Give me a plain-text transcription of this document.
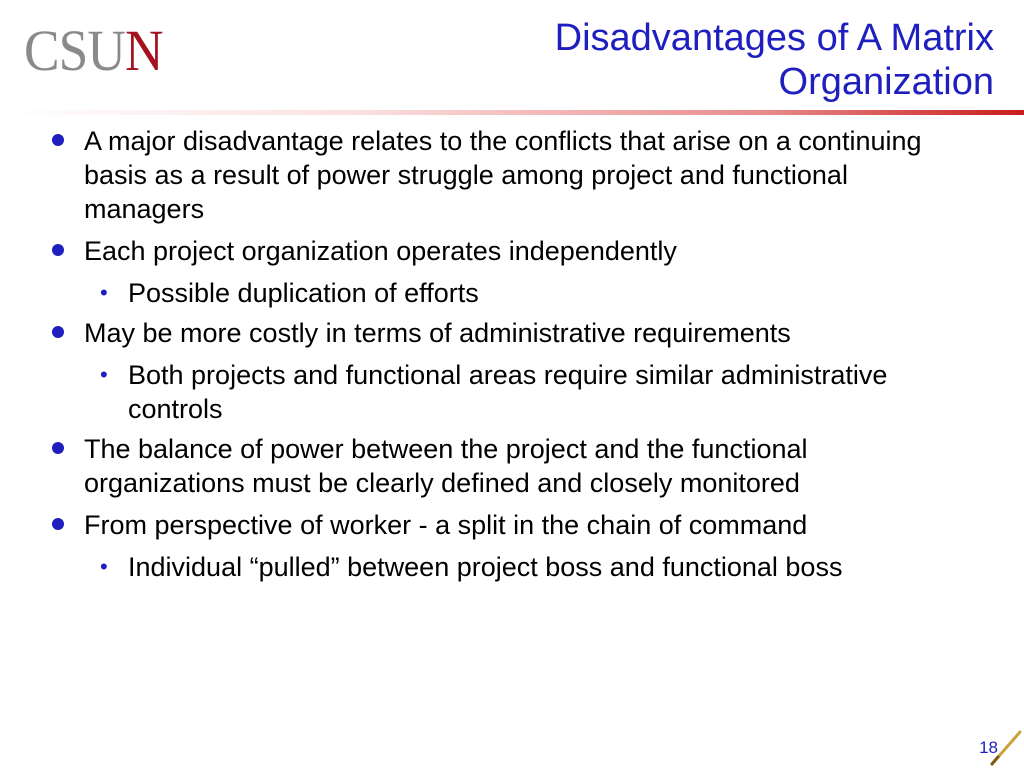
CSUN	Disadvantages of A Matrix
Organization

A major disadvantage relates to the conflicts that arise on a continuing basis as a result of power struggle among project and functional managers

Each project organization operates independently

• Possible duplication of efforts

May be more costly in terms of administrative requirements

• Both projects and functional areas require similar administrative controls

The balance of power between the project and the functional organizations must be clearly defined and closely monitored

From perspective of worker - a split in the chain of command

• Individual “pulled” between project boss and functional boss

18
